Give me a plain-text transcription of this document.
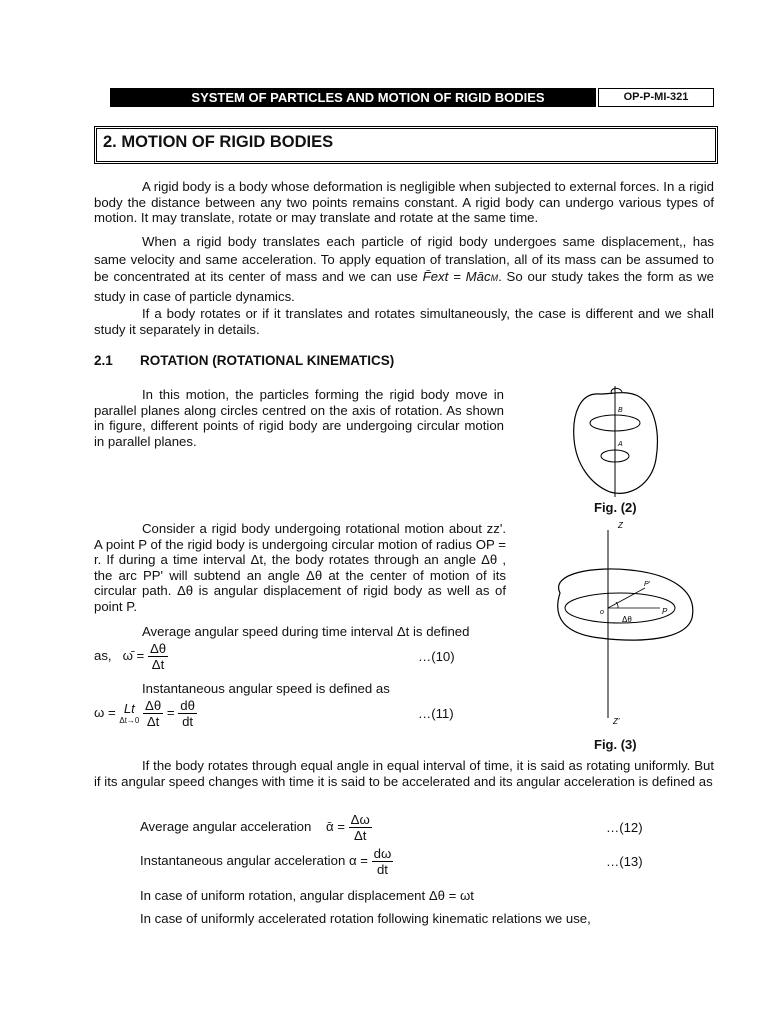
SYSTEM OF PARTICLES AND MOTION OF RIGID BODIES	OP-P-MI-321
2. MOTION OF RIGID BODIES

A rigid body is a body whose deformation is negligible when subjected to external forces. In a rigid body the distance between any two points remains constant. A rigid body can undergo various types of motion. It may translate, rotate or may translate and rotate at the same time.

When a rigid body translates each particle of rigid body undergoes same displacement,, has same velocity and same acceleration. To apply equation of translation, all of its mass can be assumed to be concentrated at its center of mass and we can use F̄ext = MācM. So our study takes the form as we study in case of particle dynamics.

If a body rotates or if it translates and rotates simultaneously, the case is different and we shall study it separately in details.

2.1 ROTATION (ROTATIONAL KINEMATICS)

In this motion, the particles forming the rigid body move in parallel planes along circles centred on the axis of rotation. As shown in figure, different points of rigid body are undergoing circular motion in parallel planes.

B
A
Fig. (2)

Consider a rigid body undergoing rotational motion about zz'. A point P of the rigid body is undergoing circular motion of radius OP = r. If during a time interval Δt, the body rotates through an angle Δθ , the arc PP' will subtend an angle Δθ at the center of motion of its circular path. Δθ is angular displacement of rigid body as well as of point P.

Average angular speed during time interval Δt is defined

as, ω̄ = $\frac{\Delta\theta}{\Delta t}$	…(10)

Instantaneous angular speed is defined as

ω = Lt
Δt→0
$\frac{\Delta\theta}{\Delta t} = \frac{d\theta}{dt}$	…(11)
Z
Z'
o
P'
P
Δθ
Fig. (3)

If the body rotates through equal angle in equal interval of time, it is said as rotating uniformly. But if its angular speed changes with time it is said to be accelerated and its angular acceleration is defined as

Average angular acceleration ᾱ = $\frac{\Delta\omega}{\Delta t}$	…(12)
Instantaneous angular acceleration $\alpha = \frac{d\omega}{dt}$	…(13)

In case of uniform rotation, angular displacement Δθ = ωt

In case of uniformly accelerated rotation following kinematic relations we use,
